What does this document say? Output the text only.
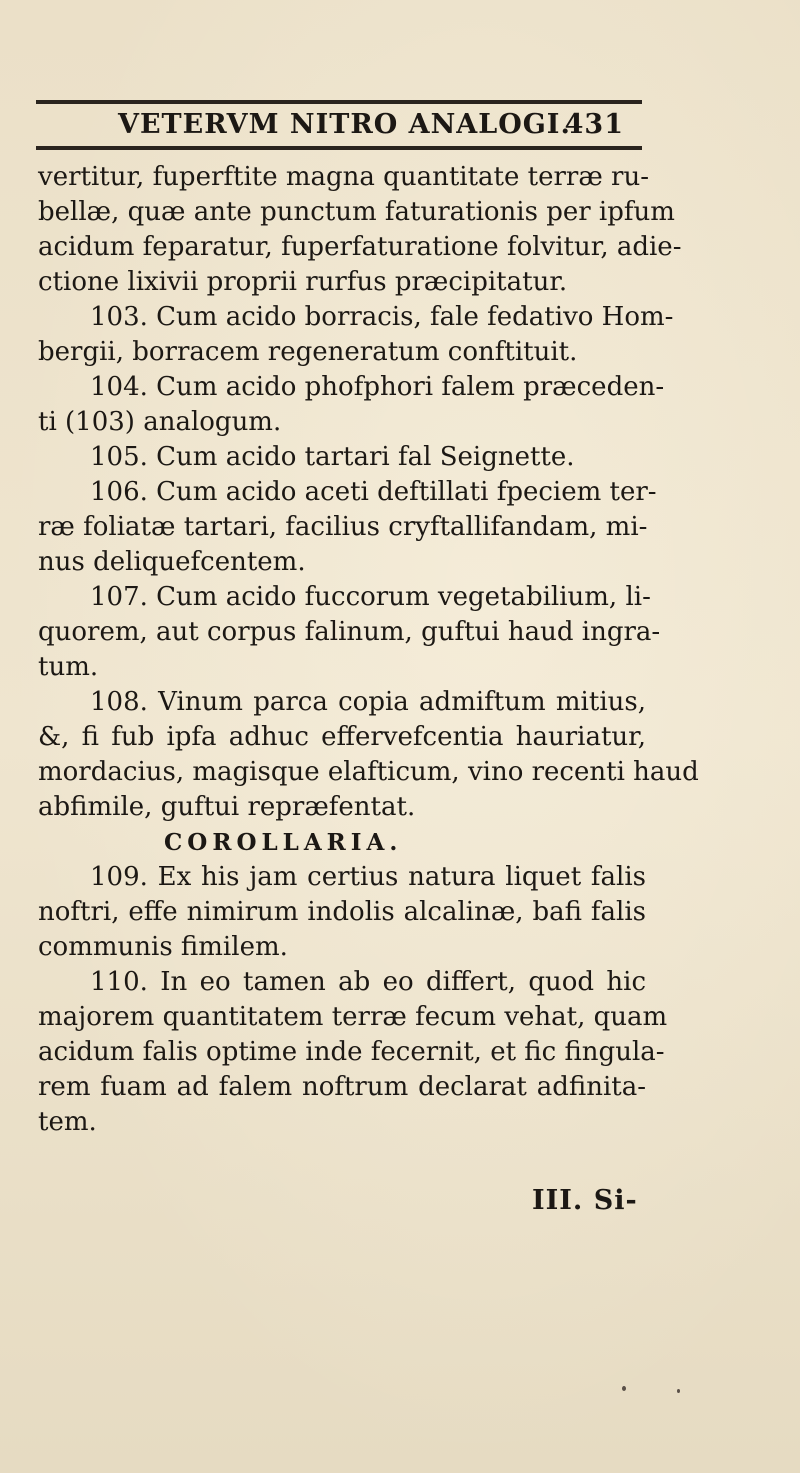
VETERVM NITRO ANALOGI.
431
vertitur, fuperftite magna quantitate terræ ru-
bellæ, quæ ante punctum faturationis per ipfum
acidum feparatur, fuperfaturatione folvitur, adie-
ctione lixivii proprii rurfus præcipitatur.
103. Cum acido borracis, fale fedativo Hom-
bergii, borracem regeneratum conftituit.
104. Cum acido phofphori falem præceden-
ti (103) analogum.
105. Cum acido tartari fal Seignette.
106. Cum acido aceti deftillati fpeciem ter-
ræ foliatæ tartari, facilius cryftallifandam, mi-
nus deliquefcentem.
107. Cum acido fuccorum vegetabilium, li-
quorem, aut corpus falinum, guftui haud ingra-
tum.
108. Vinum parca copia admiftum mitius,
&, fi fub ipfa adhuc effervefcentia hauriatur,
mordacius, magisque elafticum, vino recenti haud
abfimile, guftui repræfentat.
COROLLARIA.
109. Ex his jam certius natura liquet falis
noftri, effe nimirum indolis alcalinæ, bafi falis
communis fimilem.
110. In eo tamen ab eo differt, quod hic
majorem quantitatem terræ fecum vehat, quam
acidum falis optime inde fecernit, et fic fingula-
rem fuam ad falem noftrum declarat adfinita-
tem.
III. Si-
